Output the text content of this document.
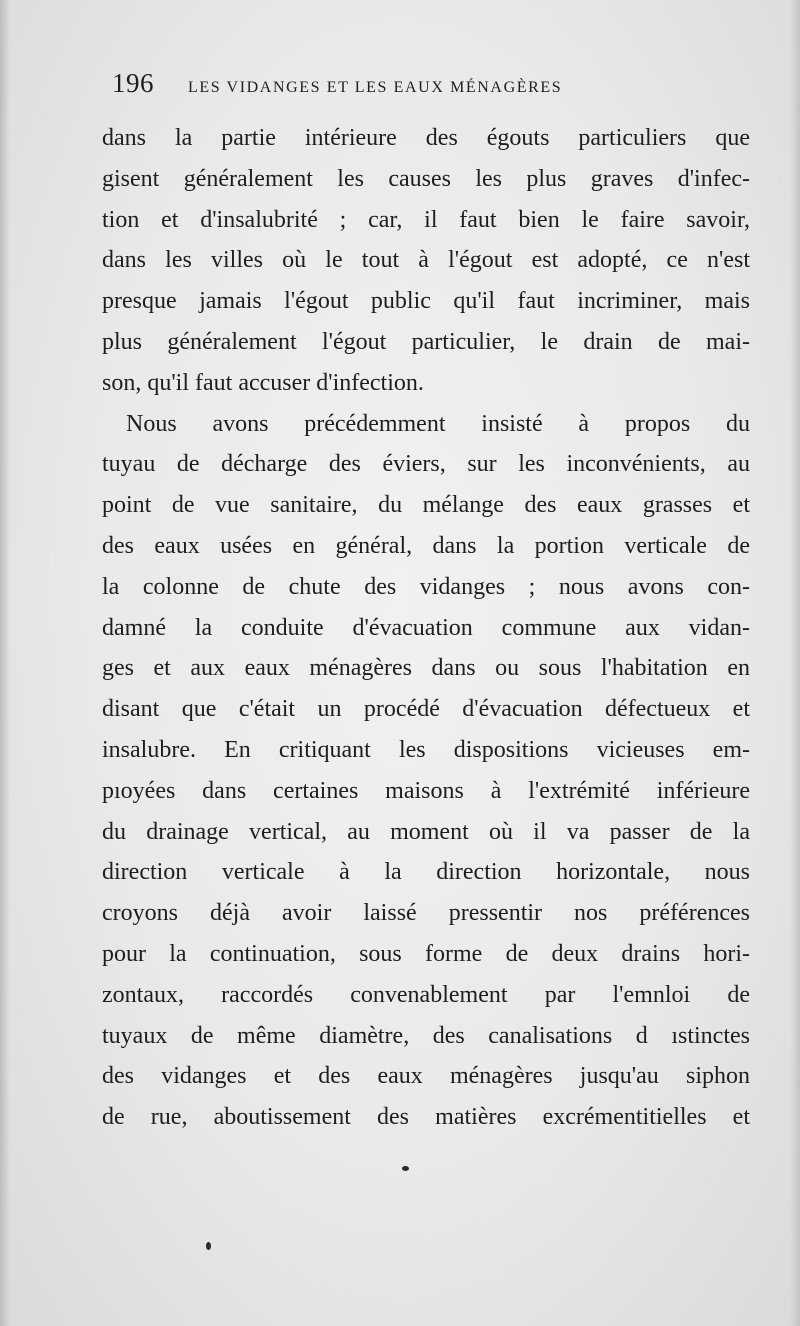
196	LES VIDANGES ET LES EAUX MÉNAGÈRES
dans la partie intérieure des égouts particuliers que
gisent généralement les causes les plus graves d'infec-
tion et d'insalubrité ; car, il faut bien le faire savoir,
dans les villes où le tout à l'égout est adopté, ce n'est
presque jamais l'égout public qu'il faut incriminer, mais
plus généralement l'égout particulier, le drain de mai-
son, qu'il faut accuser d'infection.
Nous avons précédemment insisté à propos du
tuyau de décharge des éviers, sur les inconvénients, au
point de vue sanitaire, du mélange des eaux grasses et
des eaux usées en général, dans la portion verticale de
la colonne de chute des vidanges ; nous avons con-
damné la conduite d'évacuation commune aux vidan-
ges et aux eaux ménagères dans ou sous l'habitation en
disant que c'était un procédé d'évacuation défectueux et
insalubre. En critiquant les dispositions vicieuses em-
pıoyées dans certaines maisons à l'extrémité inférieure
du drainage vertical, au moment où il va passer de la
direction verticale à la direction horizontale, nous
croyons déjà avoir laissé pressentir nos préférences
pour la continuation, sous forme de deux drains hori-
zontaux, raccordés convenablement par l'emnloi de
tuyaux de même diamètre, des canalisations d ıstinctes
des vidanges et des eaux ménagères jusqu'au siphon
de rue, aboutissement des matières excrémentitielles et
